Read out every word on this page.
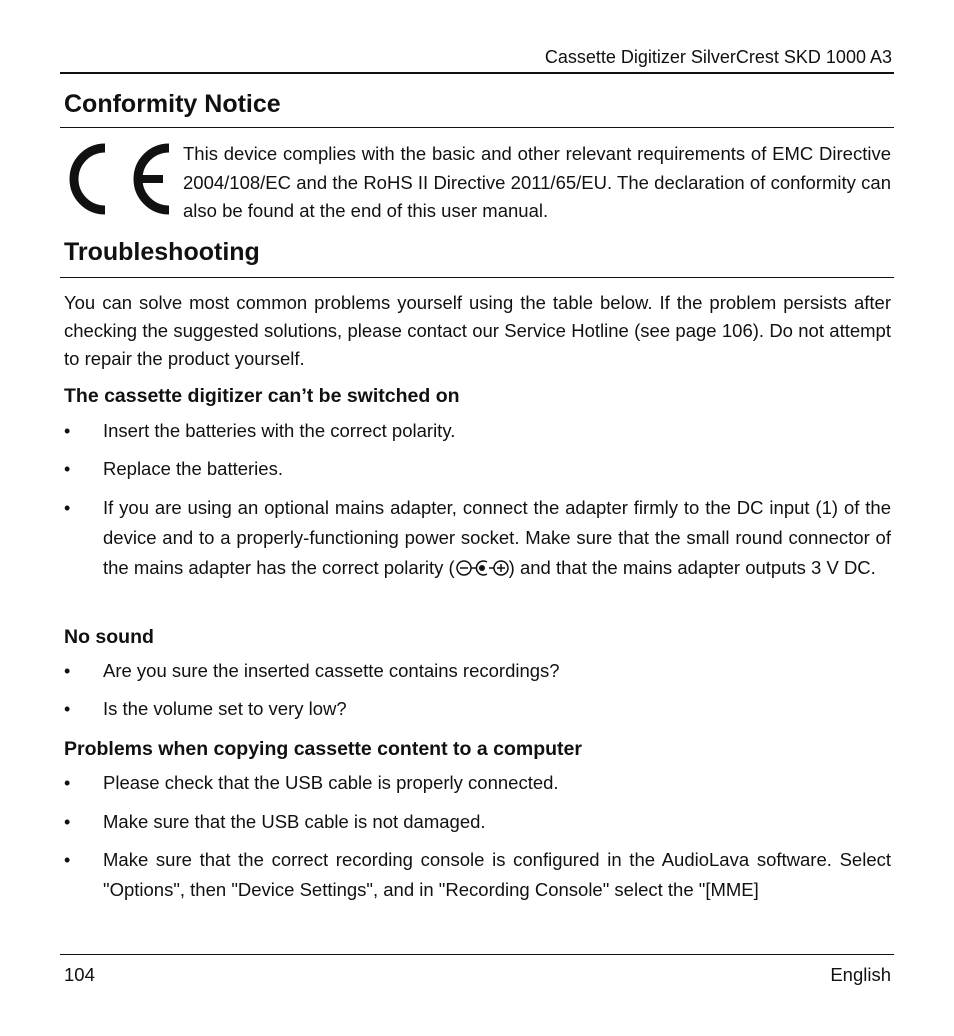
Cassette Digitizer SilverCrest SKD 1000 A3
Conformity Notice

This device complies with the basic and other relevant requirements of EMC Directive 2004/108/EC and the RoHS II Directive 2011/65/EU. The declaration of conformity can also be found at the end of this user manual.

Troubleshooting

You can solve most common problems yourself using the table below. If the problem persists after checking the suggested solutions, please contact our Service Hotline (see page 106). Do not attempt to repair the product yourself.

The cassette digitizer can’t be switched on
•	Insert the batteries with the correct polarity.
•	Replace the batteries.
•	If you are using an optional mains adapter, connect the adapter firmly to the DC input (1) of the device and to a properly-functioning power socket. Make sure that the small round connector of the mains adapter has the correct polarity (	) and that the mains adapter outputs 3 V DC.
No sound
•	Are you sure the inserted cassette contains recordings?
•	Is the volume set to very low?
Problems when copying cassette content to a computer
•	Please check that the USB cable is properly connected.
•	Make sure that the USB cable is not damaged.
•	Make sure that the correct recording console is configured in the AudioLava software. Select "Options", then "Device Settings", and in "Recording Console" select the "[MME]
104	English
